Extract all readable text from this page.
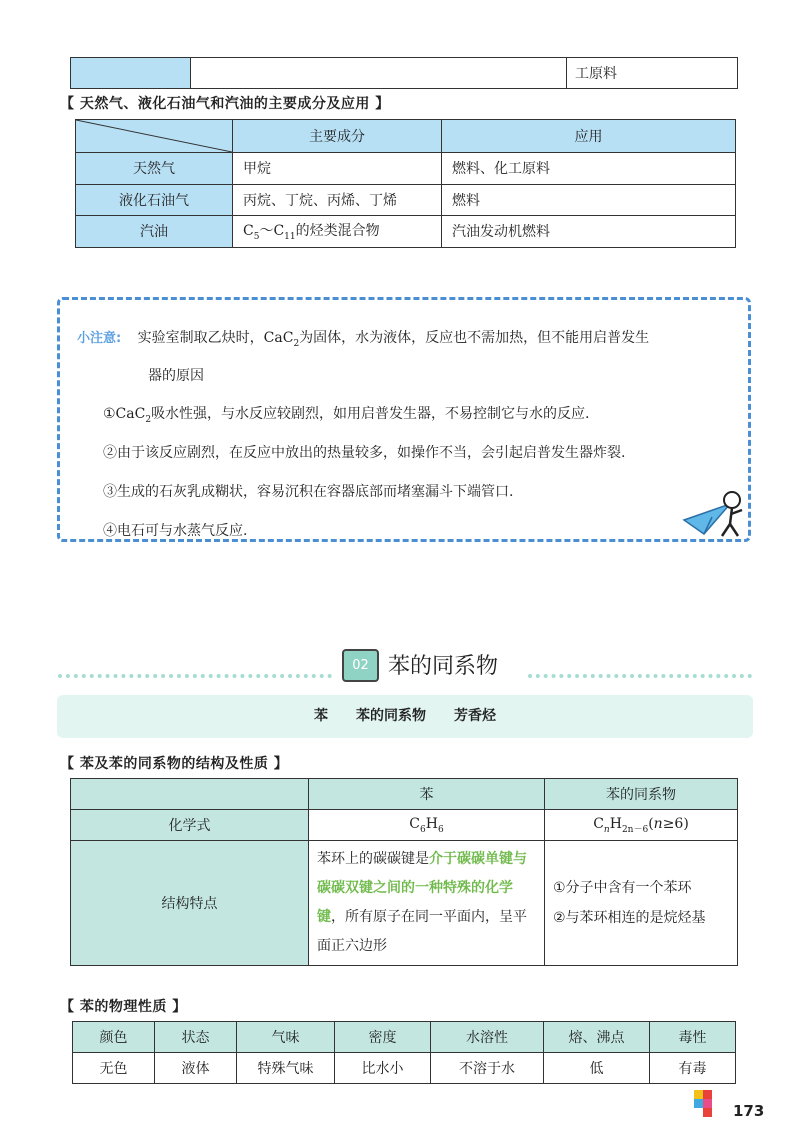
		工原料
【 天然气、液化石油气和汽油的主要成分及应用 】
	主要成分	应用
天然气	甲烷	燃料、化工原料
液化石油气	丙烷、丁烷、丙烯、丁烯	燃料
汽油	$C_5\sim C_{11}$的烃类混合物	汽油发动机燃料
小注意: 实验室制取乙炔时，CaC$_2$为固体，水为液体，反应也不需加热，但不能用启普发生
器的原因
①CaC$_2$吸水性强，与水反应较剧烈，如用启普发生器，不易控制它与水的反应.
②由于该反应剧烈，在反应中放出的热量较多，如操作不当，会引起启普发生器炸裂.
③生成的石灰乳成糊状，容易沉积在容器底部而堵塞漏斗下端管口.
④电石可与水蒸气反应.
02 苯的同系物
苯　　苯的同系物　　芳香烃
【 苯及苯的同系物的结构及性质 】
	苯	苯的同系物
化学式	$C_6H_6$	$C_nH_{2n-6}(n\ge 6)$
结构特点	苯环上的碳碳键是介于碳碳单键与碳碳双键之间的一种特殊的化学键，所有原子在同一平面内，呈平面正六边形	①分子中含有一个苯环
②与苯环相连的是烷烃基
【 苯的物理性质 】
颜色	状态	气味	密度	水溶性	熔、沸点	毒性
无色	液体	特殊气味	比水小	不溶于水	低	有毒
173
